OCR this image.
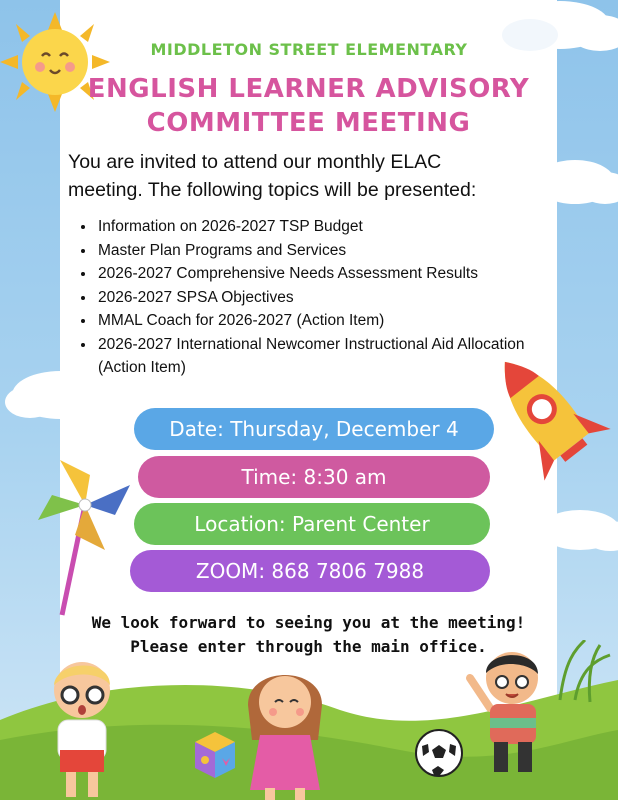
MIDDLETON STREET ELEMENTARY
ENGLISH LEARNER ADVISORY
COMMITTEE MEETING
You are invited to attend our monthly ELAC
meeting. The following topics will be presented:
• Information on 2026-2027 TSP Budget
• Master Plan Programs and Services
• 2026-2027 Comprehensive Needs Assessment Results
• 2026-2027 SPSA Objectives
• MMAL Coach for 2026-2027 (Action Item)
• 2026-2027 International Newcomer Instructional Aid Allocation (Action Item)
Date: Thursday, December 4
Time: 8:30 am
Location: Parent Center
ZOOM: 868 7806 7988
We look forward to seeing you at the meeting!
Please enter through the main office.
